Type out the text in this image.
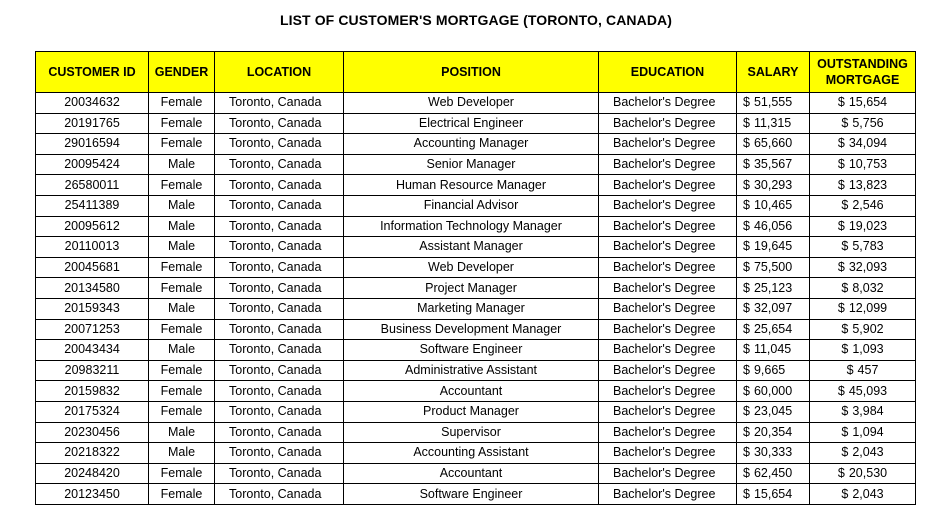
LIST OF CUSTOMER'S MORTGAGE (TORONTO, CANADA)
CUSTOMER ID	GENDER	LOCATION	POSITION	EDUCATION	SALARY	OUTSTANDING MORTGAGE
20034632	Female	Toronto, Canada	Web Developer	Bachelor's Degree	$ 51,555	$ 15,654

20191765	Female	Toronto, Canada	Electrical Engineer	Bachelor's Degree	$ 11,315	$ 5,756

29016594	Female	Toronto, Canada	Accounting Manager	Bachelor's Degree	$ 65,660	$ 34,094

20095424	Male	Toronto, Canada	Senior Manager	Bachelor's Degree	$ 35,567	$ 10,753

26580011	Female	Toronto, Canada	Human Resource Manager	Bachelor's Degree	$ 30,293	$ 13,823

25411389	Male	Toronto, Canada	Financial Advisor	Bachelor's Degree	$ 10,465	$ 2,546

20095612	Male	Toronto, Canada	Information Technology Manager	Bachelor's Degree	$ 46,056	$ 19,023

20110013	Male	Toronto, Canada	Assistant Manager	Bachelor's Degree	$ 19,645	$ 5,783

20045681	Female	Toronto, Canada	Web Developer	Bachelor's Degree	$ 75,500	$ 32,093

20134580	Female	Toronto, Canada	Project Manager	Bachelor's Degree	$ 25,123	$ 8,032

20159343	Male	Toronto, Canada	Marketing Manager	Bachelor's Degree	$ 32,097	$ 12,099

20071253	Female	Toronto, Canada	Business Development Manager	Bachelor's Degree	$ 25,654	$ 5,902

20043434	Male	Toronto, Canada	Software Engineer	Bachelor's Degree	$ 11,045	$ 1,093

20983211	Female	Toronto, Canada	Administrative Assistant	Bachelor's Degree	$ 9,665	$ 457

20159832	Female	Toronto, Canada	Accountant	Bachelor's Degree	$ 60,000	$ 45,093

20175324	Female	Toronto, Canada	Product Manager	Bachelor's Degree	$ 23,045	$ 3,984

20230456	Male	Toronto, Canada	Supervisor	Bachelor's Degree	$ 20,354	$ 1,094

20218322	Male	Toronto, Canada	Accounting Assistant	Bachelor's Degree	$ 30,333	$ 2,043

20248420	Female	Toronto, Canada	Accountant	Bachelor's Degree	$ 62,450	$ 20,530

20123450	Female	Toronto, Canada	Software Engineer	Bachelor's Degree	$ 15,654	$ 2,043
